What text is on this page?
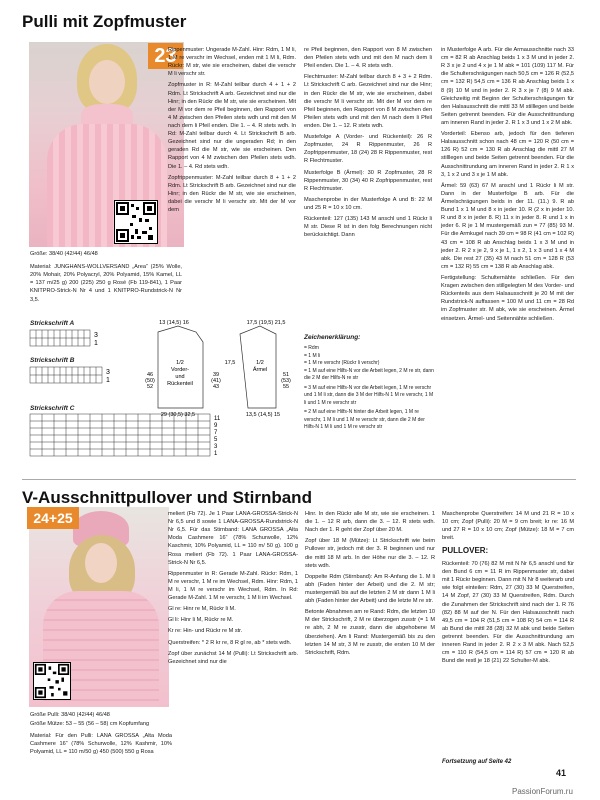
Pulli mit Zopfmuster
23

Größe: 38/40 (42/44) 46/48

Material: JUNGHANS-WOLLVERSAND „Area“ (25% Wolle, 20% Mohair, 20% Polyacryl, 20% Polyamid, 15% Kamel, LL = 137 m/25 g) 200 (225) 250 g Rosé (Fb 119-841), 1 Paar KNITPRO-Strick-N Nr 4 und 1 KNITPRO-Rundstrick-N Nr 3,5.

Strickschrift A
3
1
Strickschrift B
3
1
Strickschrift C
11
9
7
5
3
1

Rippenmuster: Ungerade M-Zahl. Hinr: Rdm, 1 M li, 1 M re verschr im Wechsel, enden mit 1 M li, Rdm. Rückr: M str, wie sie erscheinen, dabei die verschr M li verschr str.

Zopfmuster in R: M-Zahl teilbar durch 4 + 1 + 2 Rdm. Lt Strickschrift A arb. Gezeichnet sind nur die Hinr; in den Rückr die M str, wie sie erscheinen. Mit der M vor dem re Pfeil beginnen, den Rapport von 4 M zwischen den Pfeilen stets wdh und mit den M nach dem li Pfeil enden. Die 1. – 4. R stets wdh. In Rd: M-Zahl teilbar durch 4. Lt Strickschrift B arb. Gezeichnet sind nur die ungeraden Rd; in den geraden Rd die M str, wie sie erscheinen. Den Rapport von 4 M zwischen den Pfeilen stets wdh. Die 1. – 4. Rd stets wdh.

Zopfrippenmuster: M-Zahl teilbar durch 8 + 1 + 2 Rdm. Lt Strickschrift B arb. Gezeichnet sind nur die Hinr; in den Rückr die M str, wie sie erscheinen, dabei die verschr M li verschr str. Mit der M vor dem

1/2
Vorder-
und
Rückenteil
1/2
Ärmel
29 (30,5) 32,5	13,5 (14,5) 15
46
(50)
52
39
(41)
43
17,5
51
(53)
55
13 (14,5) 16	17,5 (19,5) 21,5

re Pfeil beginnen, den Rapport von 8 M zwischen den Pfeilen stets wdh und mit den M nach dem li Pfeil enden. Die 1. – 4. R stets wdh.

Flechtmuster: M-Zahl teilbar durch 8 + 3 + 2 Rdm. Lt Strickschrift C arb. Gezeichnet sind nur die Hinr; in den Rückr die M str, wie sie erscheinen, dabei die verschr M li verschr str. Mit der M vor dem re Pfeil beginnen, den Rapport von 8 M zwischen den Pfeilen stets wdh und mit den M nach dem li Pfeil enden. Die 1. – 12. R stets wdh.

Mustefolge A (Vorder- und Rückenteil): 26 R Zopfmuster, 24 R Rippenmuster, 26 R Zopfrippenmuster, 18 (24) 28 R Rippenmuster, rest R Flechtmuster.

Musterfolge B (Ärmel): 30 R Zopfmuster, 28 R Rippenmuster, 30 (34) 40 R Zopfrippenmuster, rest R Flechtmuster.

Maschenprobe in der Musterfolge A und B: 22 M und 25 R = 10 x 10 cm.

Rückenteil: 127 (135) 143 M anschl und 1 Rückr li M str. Diese R ist in den folg Berechnungen nicht berücksichtigt. Dann

Zeichenerklärung:
= Rdm
= 1 M li
= 1 M re verschr (Rückr li verschr)
= 1 M auf eine Hilfs-N vor die Arbeit legen, 2 M re str, dann die 2 M der Hilfs-N re str
= 3 M auf eine Hilfs-N vor die Arbeit legen, 1 M re verschr und 1 M li str, dann die 3 M der Hilfs-N 1 M re verschr, 1 M li und 1 M re verschr str
= 2 M auf eine Hilfs-N hinter die Arbeit legen, 1 M re verschr, 1 M li und 1 M re verschr str, dann die 2 M der Hilfs-N 1 M li und 1 M re verschr str

in Musterfolge A arb. Für die Armausschnitte nach 33 cm = 82 R ab Anschlag beids 1 x 3 M und in jeder 2. R 3 x je 2 und 4 x je 1 M abk = 101 (109) 117 M. Für die Schulterschrägungen nach 50,5 cm = 126 R (52,5 cm = 132 R) 54,5 cm = 136 R ab Anschlag beids 1 x 8 (9) 10 M und in jeder 2. R 3 x je 7 (8) 9 M abk. Gleichzeitig mit Beginn der Schulterschrägungen für den Halsausschnitt die mittl 33 M stilllegen und beide Seiten getrennt beenden. Für die Ausschnittrundung am inneren Rand in jeder 2. R 1 x 3 und 1 x 2 M abk.

Vorderteil: Ebenso arb, jedoch für den tieferen Halsausschnitt schon nach 48 cm = 120 R (50 cm = 126 R) 52 cm = 130 R ab Anschlag die mittl 27 M stilllegen und beide Seiten getrennt beenden. Für die Ausschnittrundung am inneren Rand in jeder 2. R 1 x 3, 1 x 2 und 3 x je 1 M abk.

Ärmel: 59 (63) 67 M anschl und 1 Rückr li M str. Dann in der Musterfolge B arb. Für die Ärmelschrägungen beids in der 11. (11.) 9. R ab Bund 1 x 1 M und 8 x in jeder 10. R (2 x in jeder 10. R und 8 x in jeder 8. R) 11 x in jeder 8. R und 1 x in jeder 6. R je 1 M mustergemäß zun = 77 (85) 93 M. Für die Armkugel nach 39 cm = 98 R (41 cm = 102 R) 43 cm = 108 R ab Anschlag beids 1 x 3 M und in jeder 2. R 2 x je 2, 9 x je 1, 1 x 2, 1 x 3 und 1 x 4 M abk. Die rest 27 (35) 43 M nach 51 cm = 128 R (53 cm = 132 R) 55 cm = 138 R ab Anschlag abk.

Fertigstellung: Schulternähte schließen. Für den Kragen zwischen den stillgelegten M des Vorder- und Rückenteils aus dem Halsausschnitt je 20 M mit der Rundstrick-N auffassen = 100 M und 11 cm = 28 Rd im Zopfmuster str. M abk, wie sie erscheinen. Ärmel einsetzen. Ärmel- und Seitennähte schließen.

V-Ausschnittpullover und Stirnband
24+25

Größe Pulli: 38/40 (42/44) 46/48

Größe Mütze: 53 – 55 (56 – 58) cm Kopfumfang

Material: Für den Pulli: LANA GROSSA „Alta Moda Cashmere 16“ (78% Schurwolle, 12% Kashmir, 10% Polyamid, LL = 110 m/50 g) 450 (500) 550 g Rosa

meliert (Fb 72). Je 1 Paar LANA-GROSSA-Strick-N Nr 6,5 und 8 sowie 1 LANA-GROSSA-Rundstrick-N Nr 6,5. Für das Stirnband: LANA GROSSA „Alta Moda Cashmere 16“ (78% Schurwolle, 12% Kaschmir, 10% Polyamid, LL = 110 m/ 50 g). 100 g Rosa meliert (Fb 72). 1 Paar LANA-GROSSA-Strick-N Nr 6,5.

Rippenmuster in R: Gerade M-Zahl. Rückr: Rdm, 1 M re verschr, 1 M re im Wechsel, Rdm. Hinr: Rdm, 1 M li, 1 M re verschr im Wechsel, Rdm. In Rd: Gerade M-Zahl. 1 M re verschr, 1 M li im Wechsel.

Gl re: Hinr re M, Rückr li M.

Gl li: Hinr li M, Rückr re M.

Kr re: Hin- und Rückr re M str.

Querstreifen: * 2 R kr re, 8 R gl re, ab * stets wdh.

Zopf über zunächst 14 M (Pulli): Lt Strickschrift arb. Gezeichnet sind nur die

Hinr. In den Rückr alle M str, wie sie erscheinen. 1 die 1. – 12 R arb, dann die 3. – 12. R stets wdh. Nach der 1. R geht der Zopf über 20 M.

Zopf über 18 M (Mütze): Lt Strickschrift wie beim Pullover str, jedoch mit der 3. R beginnen und nur die mittl 18 M arb. In der Höhe nur die 3. – 12. R stets wdh.

Doppelte Rdm (Stirnband): Am R-Anfang die 1. M li abh (Faden hinter der Arbeit) und die 2. M str; mustergemäß bis auf die letzten 2 M str dann 1 M li abh (Faden hinter der Arbeit) und die letzte M re str.

Betonte Abnahmen am re Rand: Rdm, die letzten 10 M der Strickschrift, 2 M re überzogen zusstr (= 1 M re abh, 2 M re zusstr, dann die abgehobene M überziehen). Am li Rand: Mustergemäß bis zu den letzten 14 M str, 3 M re zusstr, die ersten 10 M der Strickschrift, Rdm.

Maschenprobe Querstreifen: 14 M und 21 R = 10 x 10 cm; Zopf (Pulli): 20 M = 9 cm breit; kr re: 16 M und 27 R = 10 x 10 cm; Zopf (Mütze): 18 M = 7 cm breit.

PULLOVER:

Rückenteil: 70 (76) 82 M mit N Nr 6,5 anschl und für den Bund 6 cm = 11 R im Rippenmuster str, dabei mit 1 Rückr beginnen. Dann mit N Nr 8 weiterarb und wie folgt einteilen: Rdm, 27 (30) 33 M Querstreifen, 14 M Zopf, 27 (30) 33 M Querstreifen, Rdm. Durch die Zunahmen der Strickschrift sind nach der 1. R 76 (82) 88 M auf der N. Für den Halsausschnitt nach 49,5 cm = 104 R (51,5 cm = 108 R) 54 cm = 114 R ab Bund die mittl 28 (28) 32 M abk und beide Seiten getrennt beenden. Für die Ausschnittrundung am inneren Rand in jeder 2. R 2 x 3 M abk. Nach 52,5 cm = 110 R (54,5 cm = 114 R) 57 cm = 120 R ab Bund die restl je 18 (21) 22 Schulter-M abk.

Fortsetzung auf Seite 42
41
PassionForum.ru
